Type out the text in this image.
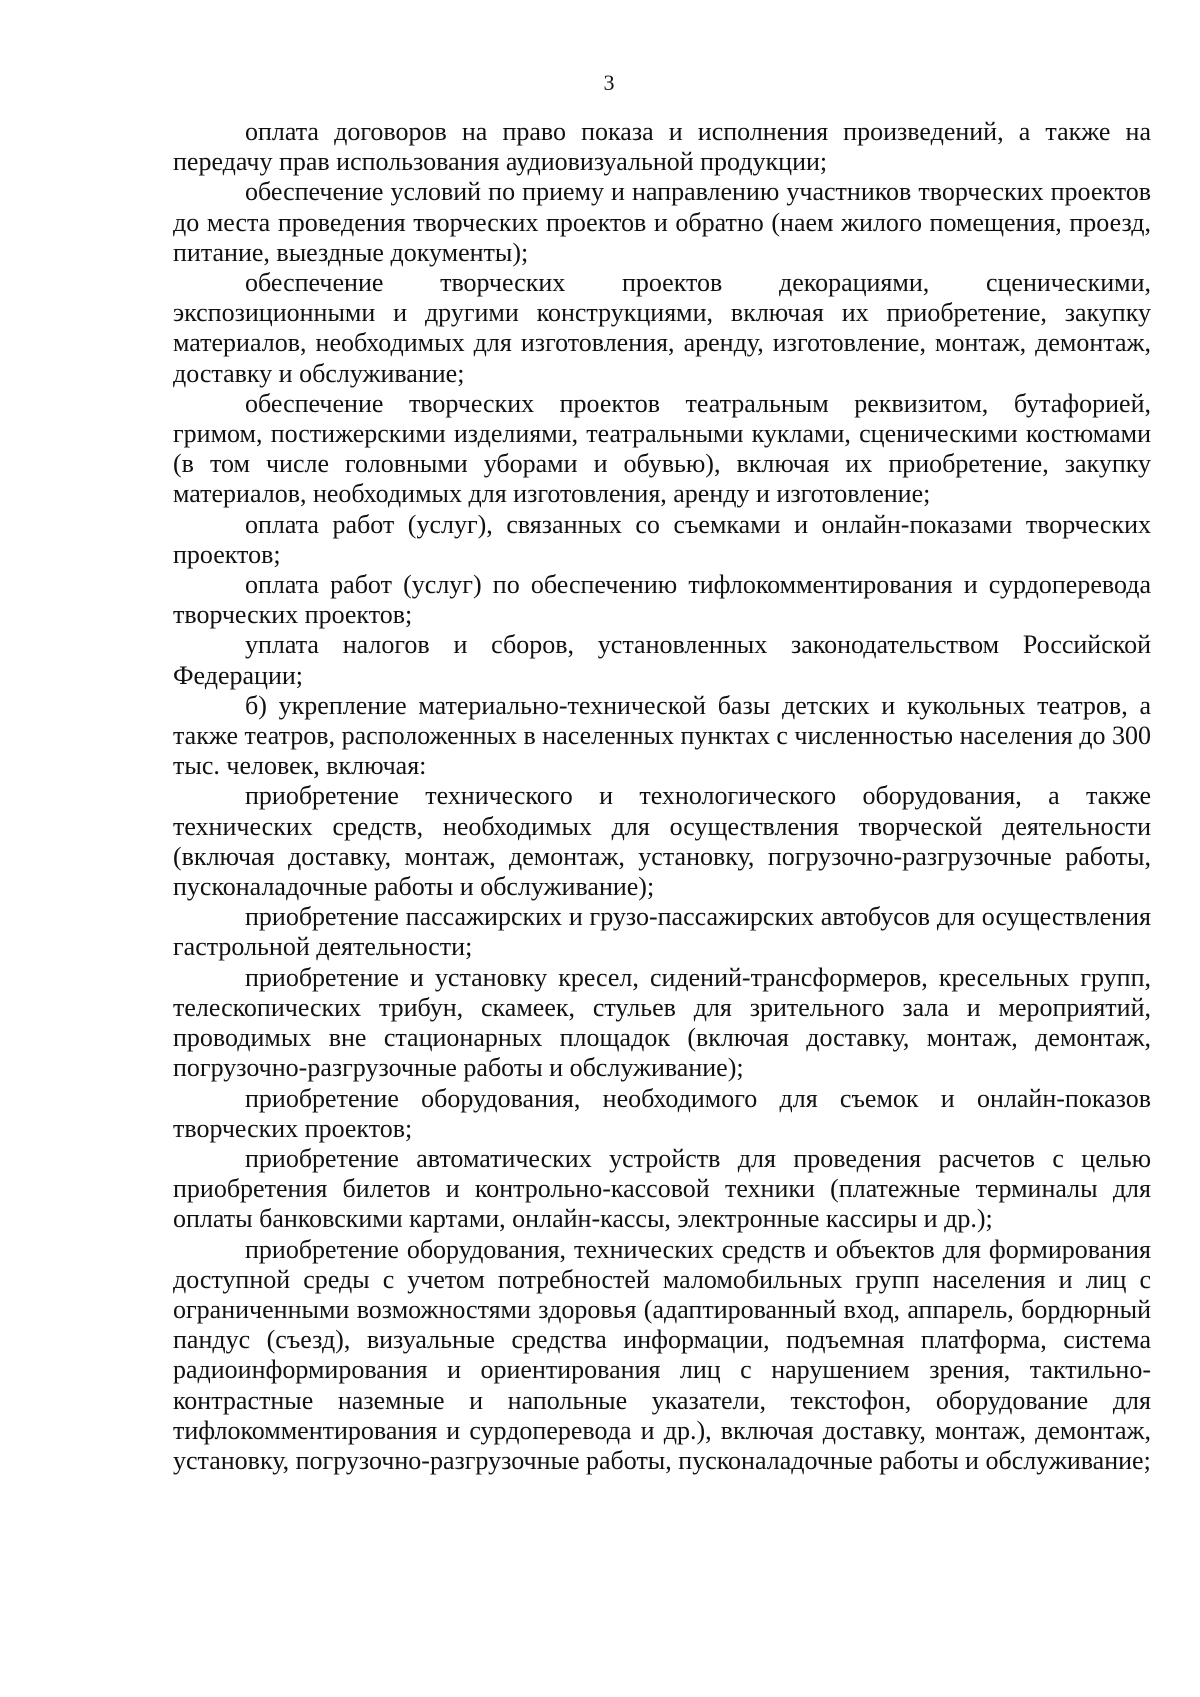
3

оплата договоров на право показа и исполнения произведений, а также на передачу прав использования аудиовизуальной продукции;

обеспечение условий по приему и направлению участников творческих проектов до места проведения творческих проектов и обратно (наем жилого помещения, проезд, питание, выездные документы);

обеспечение творческих проектов декорациями, сценическими, экспозиционными и другими конструкциями, включая их приобретение, закупку материалов, необходимых для изготовления, аренду, изготовление, монтаж, демонтаж, доставку и обслуживание;

обеспечение творческих проектов театральным реквизитом, бутафорией, гримом, постижерскими изделиями, театральными куклами, сценическими костюмами (в том числе головными уборами и обувью), включая их приобретение, закупку материалов, необходимых для изготовления, аренду и изготовление;

оплата работ (услуг), связанных со съемками и онлайн-показами творческих проектов;

оплата работ (услуг) по обеспечению тифлокомментирования и сурдоперевода творческих проектов;

уплата налогов и сборов, установленных законодательством Российской Федерации;

б) укрепление материально-технической базы детских и кукольных театров, а также театров, расположенных в населенных пунктах с численностью населения до 300 тыс. человек, включая:

приобретение технического и технологического оборудования, а также технических средств, необходимых для осуществления творческой деятельности (включая доставку, монтаж, демонтаж, установку, погрузочно-разгрузочные работы, пусконаладочные работы и обслуживание);

приобретение пассажирских и грузо-пассажирских автобусов для осуществления гастрольной деятельности;

приобретение и установку кресел, сидений-трансформеров, кресельных групп, телескопических трибун, скамеек, стульев для зрительного зала и мероприятий, проводимых вне стационарных площадок (включая доставку, монтаж, демонтаж, погрузочно-разгрузочные работы и обслуживание);

приобретение оборудования, необходимого для съемок и онлайн-показов творческих проектов;

приобретение автоматических устройств для проведения расчетов с целью приобретения билетов и контрольно-кассовой техники (платежные терминалы для оплаты банковскими картами, онлайн-кассы, электронные кассиры и др.);

приобретение оборудования, технических средств и объектов для формирования доступной среды с учетом потребностей маломобильных групп населения и лиц с ограниченными возможностями здоровья (адаптированный вход, аппарель, бордюрный пандус (съезд), визуальные средства информации, подъемная платформа, система радиоинформирования и ориентирования лиц с нарушением зрения, тактильно-контрастные наземные и напольные указатели, текстофон, оборудование для тифлокомментирования и сурдоперевода и др.), включая доставку, монтаж, демонтаж, установку, погрузочно-разгрузочные работы, пусконаладочные работы и обслуживание;
